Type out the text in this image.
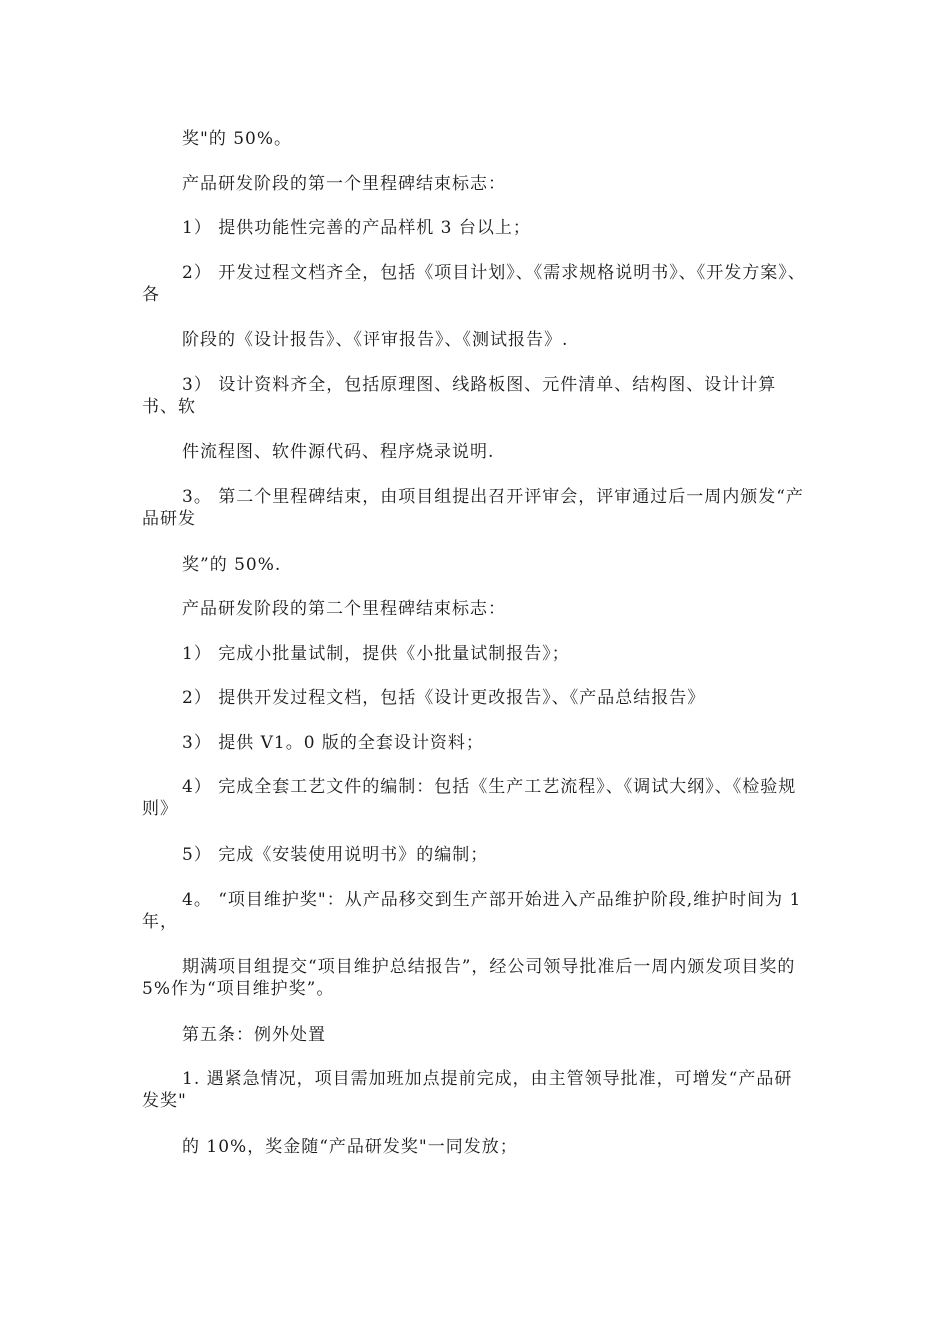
奖"的 50%。

产品研发阶段的第一个里程碑结束标志：

1） 提供功能性完善的产品样机 3 台以上；

2） 开发过程文档齐全，包括《项目计划》、《需求规格说明书》、《开发方案》、各

阶段的《设计报告》、《评审报告》、《测试报告》.

3） 设计资料齐全，包括原理图、线路板图、元件清单、结构图、设计计算书、软

件流程图、软件源代码、程序烧录说明.

3。 第二个里程碑结束，由项目组提出召开评审会，评审通过后一周内颁发“产品研发

奖”的 50%.

产品研发阶段的第二个里程碑结束标志：

1） 完成小批量试制，提供《小批量试制报告》；

2） 提供开发过程文档，包括《设计更改报告》、《产品总结报告》

3） 提供 V1。0 版的全套设计资料；

4） 完成全套工艺文件的编制：包括《生产工艺流程》、《调试大纲》、《检验规则》

5） 完成《安装使用说明书》的编制；

4。 “项目维护奖"：从产品移交到生产部开始进入产品维护阶段,维护时间为 1 年，

期满项目组提交“项目维护总结报告”，经公司领导批准后一周内颁发项目奖的 5%作为“项目维护奖”。

第五条：例外处置

1. 遇紧急情况，项目需加班加点提前完成，由主管领导批准，可增发“产品研发奖"

的 10%，奖金随“产品研发奖"一同发放；
